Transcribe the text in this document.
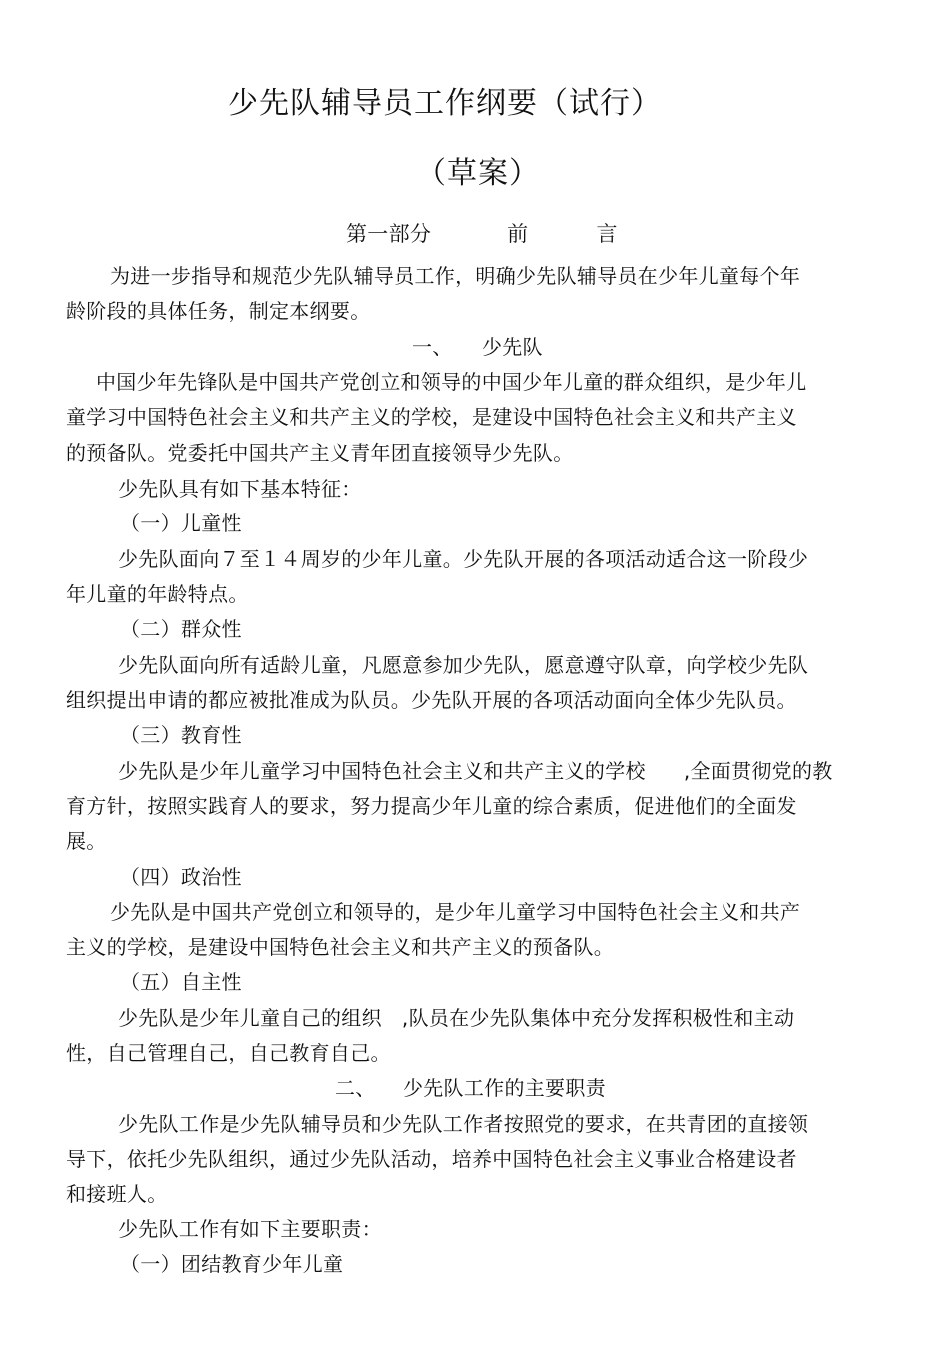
少先队辅导员工作纲要（试行）
（草案）
第一部分	前	言
为进一步指导和规范少先队辅导员工作，明确少先队辅导员在少年儿童每个年
龄阶段的具体任务，制定本纲要。
一、 少先队
中国少年先锋队是中国共产党创立和领导的中国少年儿童的群众组织，是少年儿
童学习中国特色社会主义和共产主义的学校，是建设中国特色社会主义和共产主义
的预备队。党委托中国共产主义青年团直接领导少先队。
少先队具有如下基本特征：
（一）儿童性
少先队面向７至１４周岁的少年儿童。少先队开展的各项活动适合这一阶段少
年儿童的年龄特点。
（二）群众性
少先队面向所有适龄儿童，凡愿意参加少先队，愿意遵守队章，向学校少先队
组织提出申请的都应被批准成为队员。少先队开展的各项活动面向全体少先队员。
（三）教育性
少先队是少年儿童学习中国特色社会主义和共产主义的学校 ,全面贯彻党的教
育方针，按照实践育人的要求，努力提高少年儿童的综合素质，促进他们的全面发
展。
（四）政治性
少先队是中国共产党创立和领导的，是少年儿童学习中国特色社会主义和共产
主义的学校，是建设中国特色社会主义和共产主义的预备队。
（五）自主性
少先队是少年儿童自己的组织 ,队员在少先队集体中充分发挥积极性和主动
性，自己管理自己，自己教育自己。
二、 少先队工作的主要职责
少先队工作是少先队辅导员和少先队工作者按照党的要求，在共青团的直接领
导下，依托少先队组织，通过少先队活动，培养中国特色社会主义事业合格建设者
和接班人。
少先队工作有如下主要职责：
（一）团结教育少年儿童
